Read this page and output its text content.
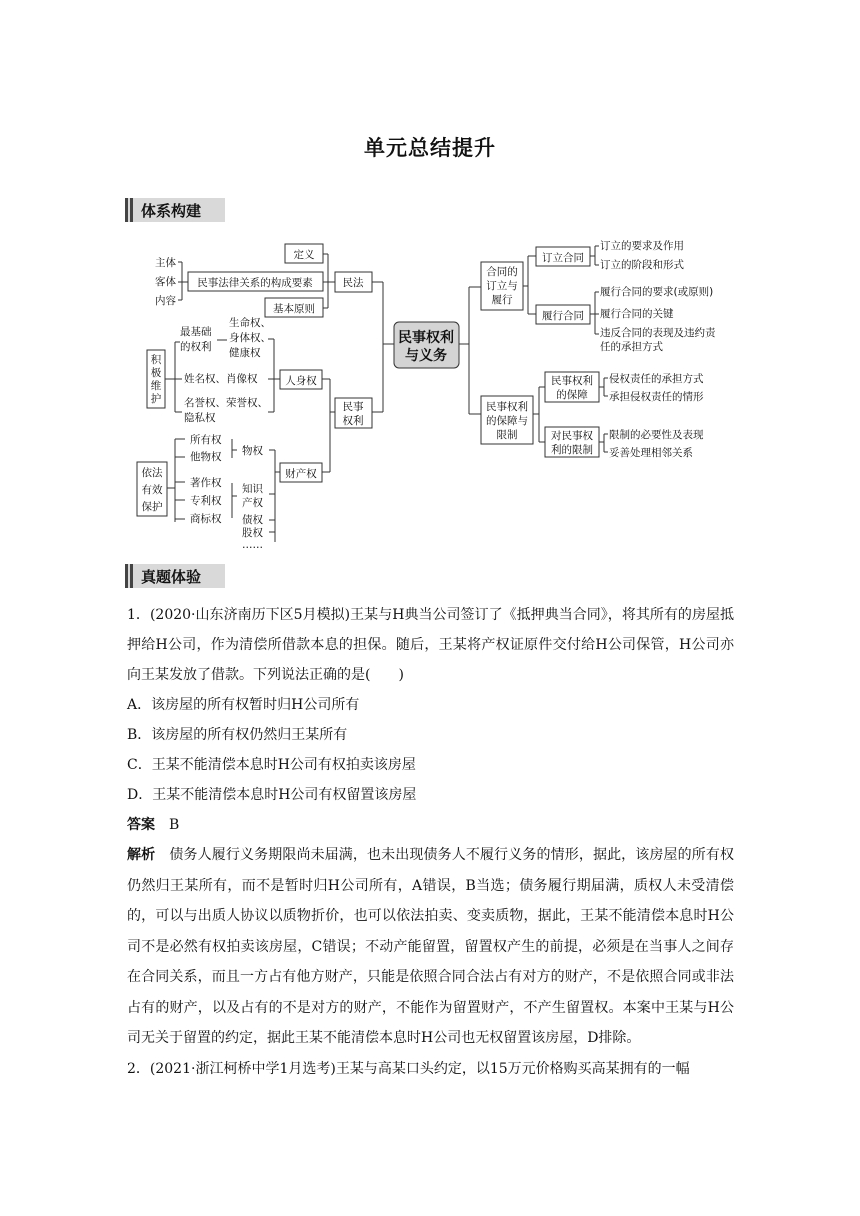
单元总结提升
体系构建
民事权利
与义务
民法
定义
民事法律关系的构成要素
基本原则
主体
客体
内容
民事
权利
人身权
财产权
生命权、
身体权、
健康权
最基础
的权利
姓名权、肖像权
名誉权、荣誉权、
隐私权
积
极
维
护
物权
知识
产权
债权
股权
……
所有权
他物权
著作权
专利权
商标权
依法
有效
保护
合同的
订立与
履行
订立合同
订立的要求及作用
订立的阶段和形式
履行合同
履行合同的要求(或原则)
履行合同的关键
违反合同的表现及违约责
任的承担方式
民事权利
的保障与
限制
民事权利
的保障
侵权责任的承担方式
承担侵权责任的情形
对民事权
利的限制
限制的必要性及表现
妥善处理相邻关系
真题体验

1．(2020·山东济南历下区5月模拟)王某与H典当公司签订了《抵押典当合同》，将其所有的房屋抵押给H公司，作为清偿所借款本息的担保。随后，王某将产权证原件交付给H公司保管，H公司亦向王某发放了借款。下列说法正确的是(　　)

A．该房屋的所有权暂时归H公司所有

B．该房屋的所有权仍然归王某所有

C．王某不能清偿本息时H公司有权拍卖该房屋

D．王某不能清偿本息时H公司有权留置该房屋

答案　 B

解析　 债务人履行义务期限尚未届满，也未出现债务人不履行义务的情形，据此，该房屋的所有权仍然归王某所有，而不是暂时归H公司所有，A错误，B当选；债务履行期届满，质权人未受清偿的，可以与出质人协议以质物折价，也可以依法拍卖、变卖质物，据此，王某不能清偿本息时H公司不是必然有权拍卖该房屋，C错误；不动产能留置，留置权产生的前提，必须是在当事人之间存在合同关系，而且一方占有他方财产，只能是依照合同合法占有对方的财产，不是依照合同或非法占有的财产，以及占有的不是对方的财产，不能作为留置财产，不产生留置权。本案中王某与H公司无关于留置的约定，据此王某不能清偿本息时H公司也无权留置该房屋，D排除。

2．(2021·浙江柯桥中学1月选考)王某与高某口头约定，以15万元价格购买高某拥有的一幅
